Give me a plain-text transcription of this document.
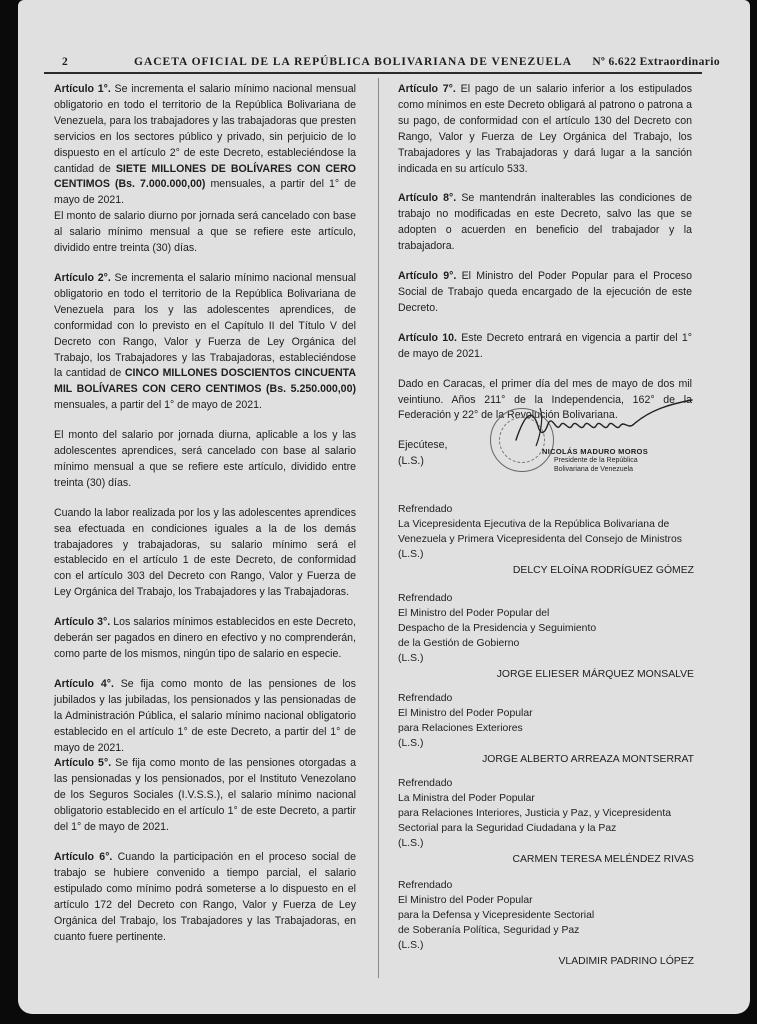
2	GACETA OFICIAL DE LA REPÚBLICA BOLIVARIANA DE VENEZUELA Nº 6.622 Extraordinario

Artículo 1°. Se incrementa el salario mínimo nacional mensual obligatorio en todo el territorio de la República Bolivariana de Venezuela, para los trabajadores y las trabajadoras que presten servicios en los sectores público y privado, sin perjuicio de lo dispuesto en el artículo 2° de este Decreto, estableciéndose la cantidad de SIETE MILLONES DE BOLÍVARES CON CERO CENTIMOS (Bs. 7.000.000,00) mensuales, a partir del 1° de mayo de 2021.

El monto de salario diurno por jornada será cancelado con base al salario mínimo mensual a que se refiere este artículo, dividido entre treinta (30) días.

Artículo 2°. Se incrementa el salario mínimo nacional mensual obligatorio en todo el territorio de la República Bolivariana de Venezuela para los y las adolescentes aprendices, de conformidad con lo previsto en el Capítulo II del Título V del Decreto con Rango, Valor y Fuerza de Ley Orgánica del Trabajo, los Trabajadores y las Trabajadoras, estableciéndose la cantidad de CINCO MILLONES DOSCIENTOS CINCUENTA MIL BOLÍVARES CON CERO CENTIMOS (Bs. 5.250.000,00) mensuales, a partir del 1° de mayo de 2021.

El monto del salario por jornada diurna, aplicable a los y las adolescentes aprendices, será cancelado con base al salario mínimo mensual a que se refiere este artículo, dividido entre treinta (30) días.

Cuando la labor realizada por los y las adolescentes aprendices sea efectuada en condiciones iguales a la de los demás trabajadores y trabajadoras, su salario mínimo será el establecido en el artículo 1 de este Decreto, de conformidad con el artículo 303 del Decreto con Rango, Valor y Fuerza de Ley Orgánica del Trabajo, los Trabajadores y las Trabajadoras.

Artículo 3°. Los salarios mínimos establecidos en este Decreto, deberán ser pagados en dinero en efectivo y no comprenderán, como parte de los mismos, ningún tipo de salario en especie.

Artículo 4°. Se fija como monto de las pensiones de los jubilados y las jubiladas, los pensionados y las pensionadas de la Administración Pública, el salario mínimo nacional obligatorio establecido en el artículo 1° de este Decreto, a partir del 1° de mayo de 2021.

Artículo 5°. Se fija como monto de las pensiones otorgadas a las pensionadas y los pensionados, por el Instituto Venezolano de los Seguros Sociales (I.V.S.S.), el salario mínimo nacional obligatorio establecido en el artículo 1° de este Decreto, a partir del 1° de mayo de 2021.

Artículo 6°. Cuando la participación en el proceso social de trabajo se hubiere convenido a tiempo parcial, el salario estipulado como mínimo podrá someterse a lo dispuesto en el artículo 172 del Decreto con Rango, Valor y Fuerza de Ley Orgánica del Trabajo, los Trabajadores y las Trabajadoras, en cuanto fuere pertinente.

Artículo 7°. El pago de un salario inferior a los estipulados como mínimos en este Decreto obligará al patrono o patrona a su pago, de conformidad con el artículo 130 del Decreto con Rango, Valor y Fuerza de Ley Orgánica del Trabajo, los Trabajadores y las Trabajadoras y dará lugar a la sanción indicada en su artículo 533.

Artículo 8°. Se mantendrán inalterables las condiciones de trabajo no modificadas en este Decreto, salvo las que se adopten o acuerden en beneficio del trabajador y la trabajadora.

Artículo 9°. El Ministro del Poder Popular para el Proceso Social de Trabajo queda encargado de la ejecución de este Decreto.

Artículo 10. Este Decreto entrará en vigencia a partir del 1° de mayo de 2021.

Dado en Caracas, el primer día del mes de mayo de dos mil veintiuno. Años 211° de la Independencia, 162° de la Federación y 22° de la Revolución Bolivariana.

Ejecútese,

(L.S.)

NICOLÁS MADURO MOROS
Presidente de la República
Bolivariana de Venezuela
Refrendado
La Vicepresidenta Ejecutiva de la República Bolivariana de
Venezuela y Primera Vicepresidenta del Consejo de Ministros
(L.S.)
DELCY ELOÍNA RODRÍGUEZ GÓMEZ
Refrendado
El Ministro del Poder Popular del
Despacho de la Presidencia y Seguimiento
de la Gestión de Gobierno
(L.S.)
JORGE ELIESER MÁRQUEZ MONSALVE
Refrendado
El Ministro del Poder Popular
para Relaciones Exteriores
(L.S.)
JORGE ALBERTO ARREAZA MONTSERRAT
Refrendado
La Ministra del Poder Popular
para Relaciones Interiores, Justicia y Paz, y Vicepresidenta
Sectorial para la Seguridad Ciudadana y la Paz
(L.S.)
CARMEN TERESA MELÉNDEZ RIVAS
Refrendado
El Ministro del Poder Popular
para la Defensa y Vicepresidente Sectorial
de Soberanía Política, Seguridad y Paz
(L.S.)
VLADIMIR PADRINO LÓPEZ
